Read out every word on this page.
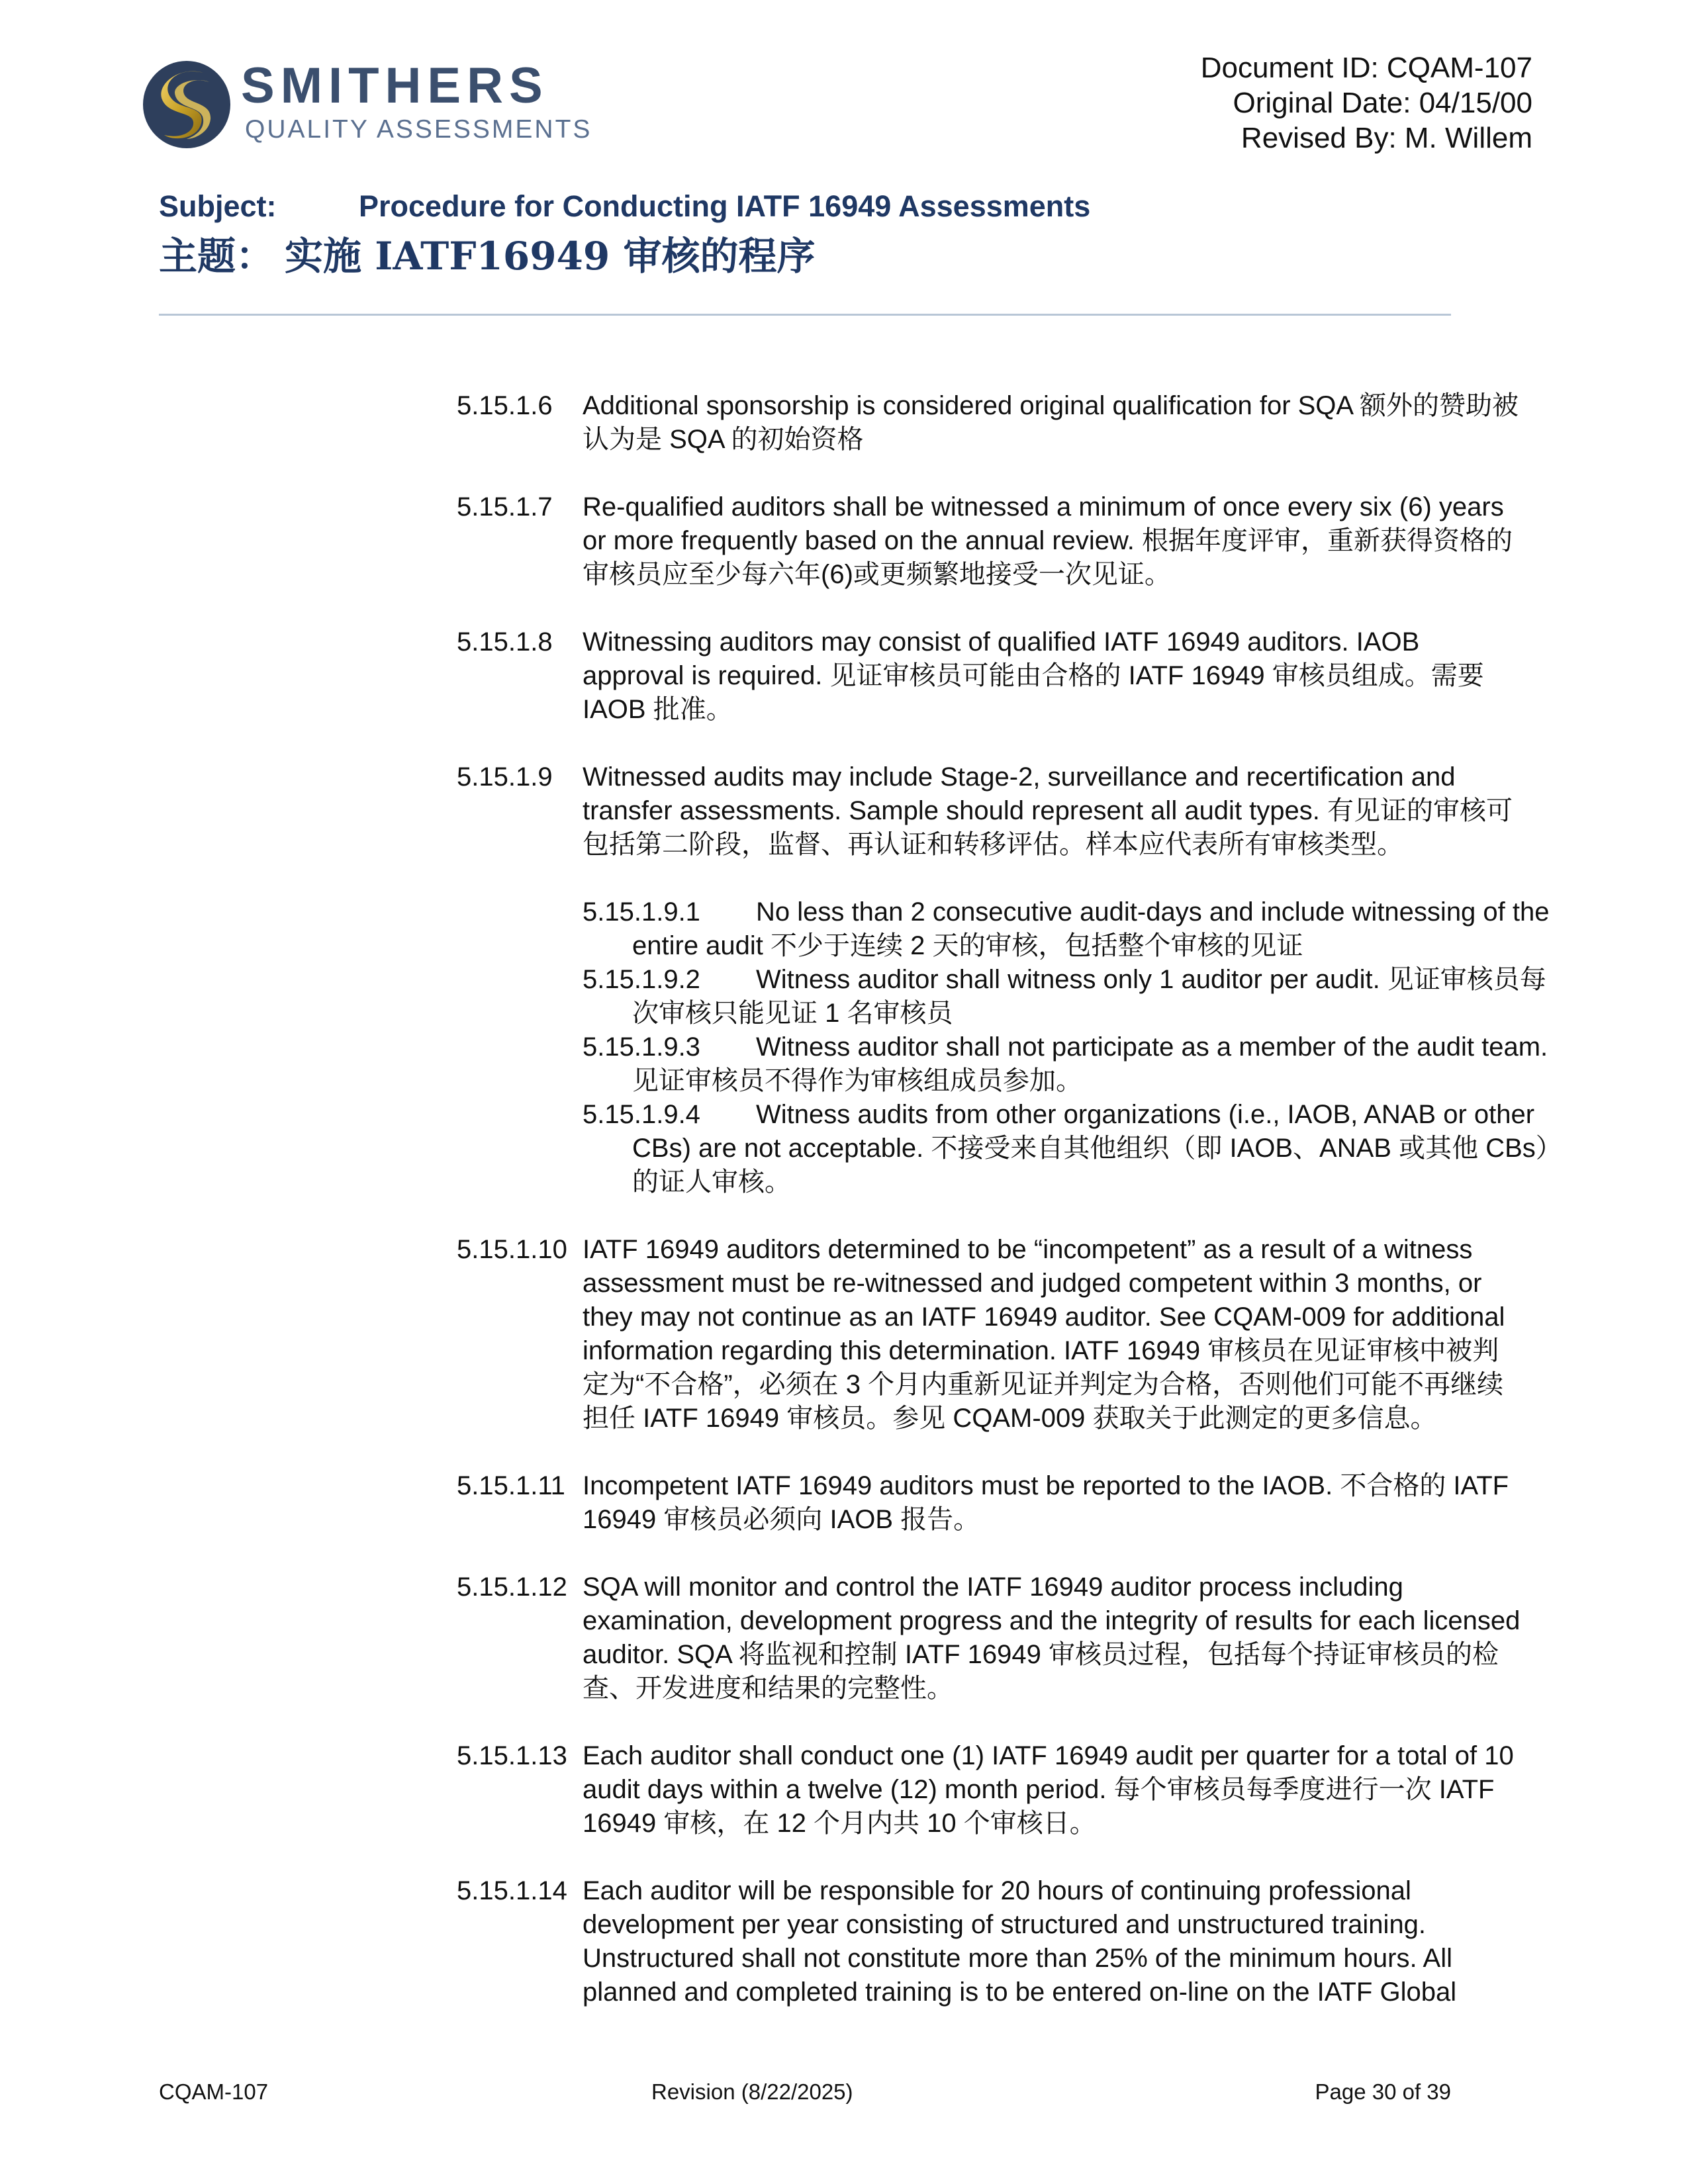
SMITHERS
QUALITY ASSESSMENTS
Document ID: CQAM-107
Original Date: 04/15/00
Revised By: M. Willem
Subject:	Procedure for Conducting IATF 16949 Assessments
主题： 实施 IATF16949 审核的程序
5.15.1.6	Additional sponsorship is considered original qualification for SQA 额外的赞助被认为是 SQA 的初始资格
5.15.1.7	Re-qualified auditors shall be witnessed a minimum of once every six (6) years or more frequently based on the annual review. 根据年度评审，重新获得资格的审核员应至少每六年(6)或更频繁地接受一次见证。
5.15.1.8	Witnessing auditors may consist of qualified IATF 16949 auditors. IAOB approval is required. 见证审核员可能由合格的 IATF 16949 审核员组成。需要 IAOB 批准。
5.15.1.9	Witnessed audits may include Stage-2, surveillance and recertification and transfer assessments. Sample should represent all audit types. 有见证的审核可包括第二阶段，监督、再认证和转移评估。样本应代表所有审核类型。
5.15.1.9.1 No less than 2 consecutive audit-days and include witnessing of the entire audit 不少于连续 2 天的审核，包括整个审核的见证
5.15.1.9.2 Witness auditor shall witness only 1 auditor per audit. 见证审核员每次审核只能见证 1 名审核员
5.15.1.9.3 Witness auditor shall not participate as a member of the audit team. 见证审核员不得作为审核组成员参加。
5.15.1.9.4 Witness audits from other organizations (i.e., IAOB, ANAB or other CBs) are not acceptable. 不接受来自其他组织（即 IAOB、ANAB 或其他 CBs）的证人审核。
5.15.1.10 IATF 16949 auditors determined to be “incompetent” as a result of a witness assessment must be re-witnessed and judged competent within 3 months, or they may not continue as an IATF 16949 auditor. See CQAM-009 for additional information regarding this determination. IATF 16949 审核员在见证审核中被判定为“不合格”，必须在 3 个月内重新见证并判定为合格，否则他们可能不再继续担任 IATF 16949 审核员。参见 CQAM-009 获取关于此测定的更多信息。
5.15.1.11 Incompetent IATF 16949 auditors must be reported to the IAOB. 不合格的 IATF 16949 审核员必须向 IAOB 报告。
5.15.1.12 SQA will monitor and control the IATF 16949 auditor process including examination, development progress and the integrity of results for each licensed auditor. SQA 将监视和控制 IATF 16949 审核员过程，包括每个持证审核员的检查、开发进度和结果的完整性。
5.15.1.13 Each auditor shall conduct one (1) IATF 16949 audit per quarter for a total of 10 audit days within a twelve (12) month period. 每个审核员每季度进行一次 IATF 16949 审核，在 12 个月内共 10 个审核日。
5.15.1.14 Each auditor will be responsible for 20 hours of continuing professional development per year consisting of structured and unstructured training. Unstructured shall not constitute more than 25% of the minimum hours. All planned and completed training is to be entered on-line on the IATF Global
CQAM-107	Revision (8/22/2025)	Page 30 of 39
